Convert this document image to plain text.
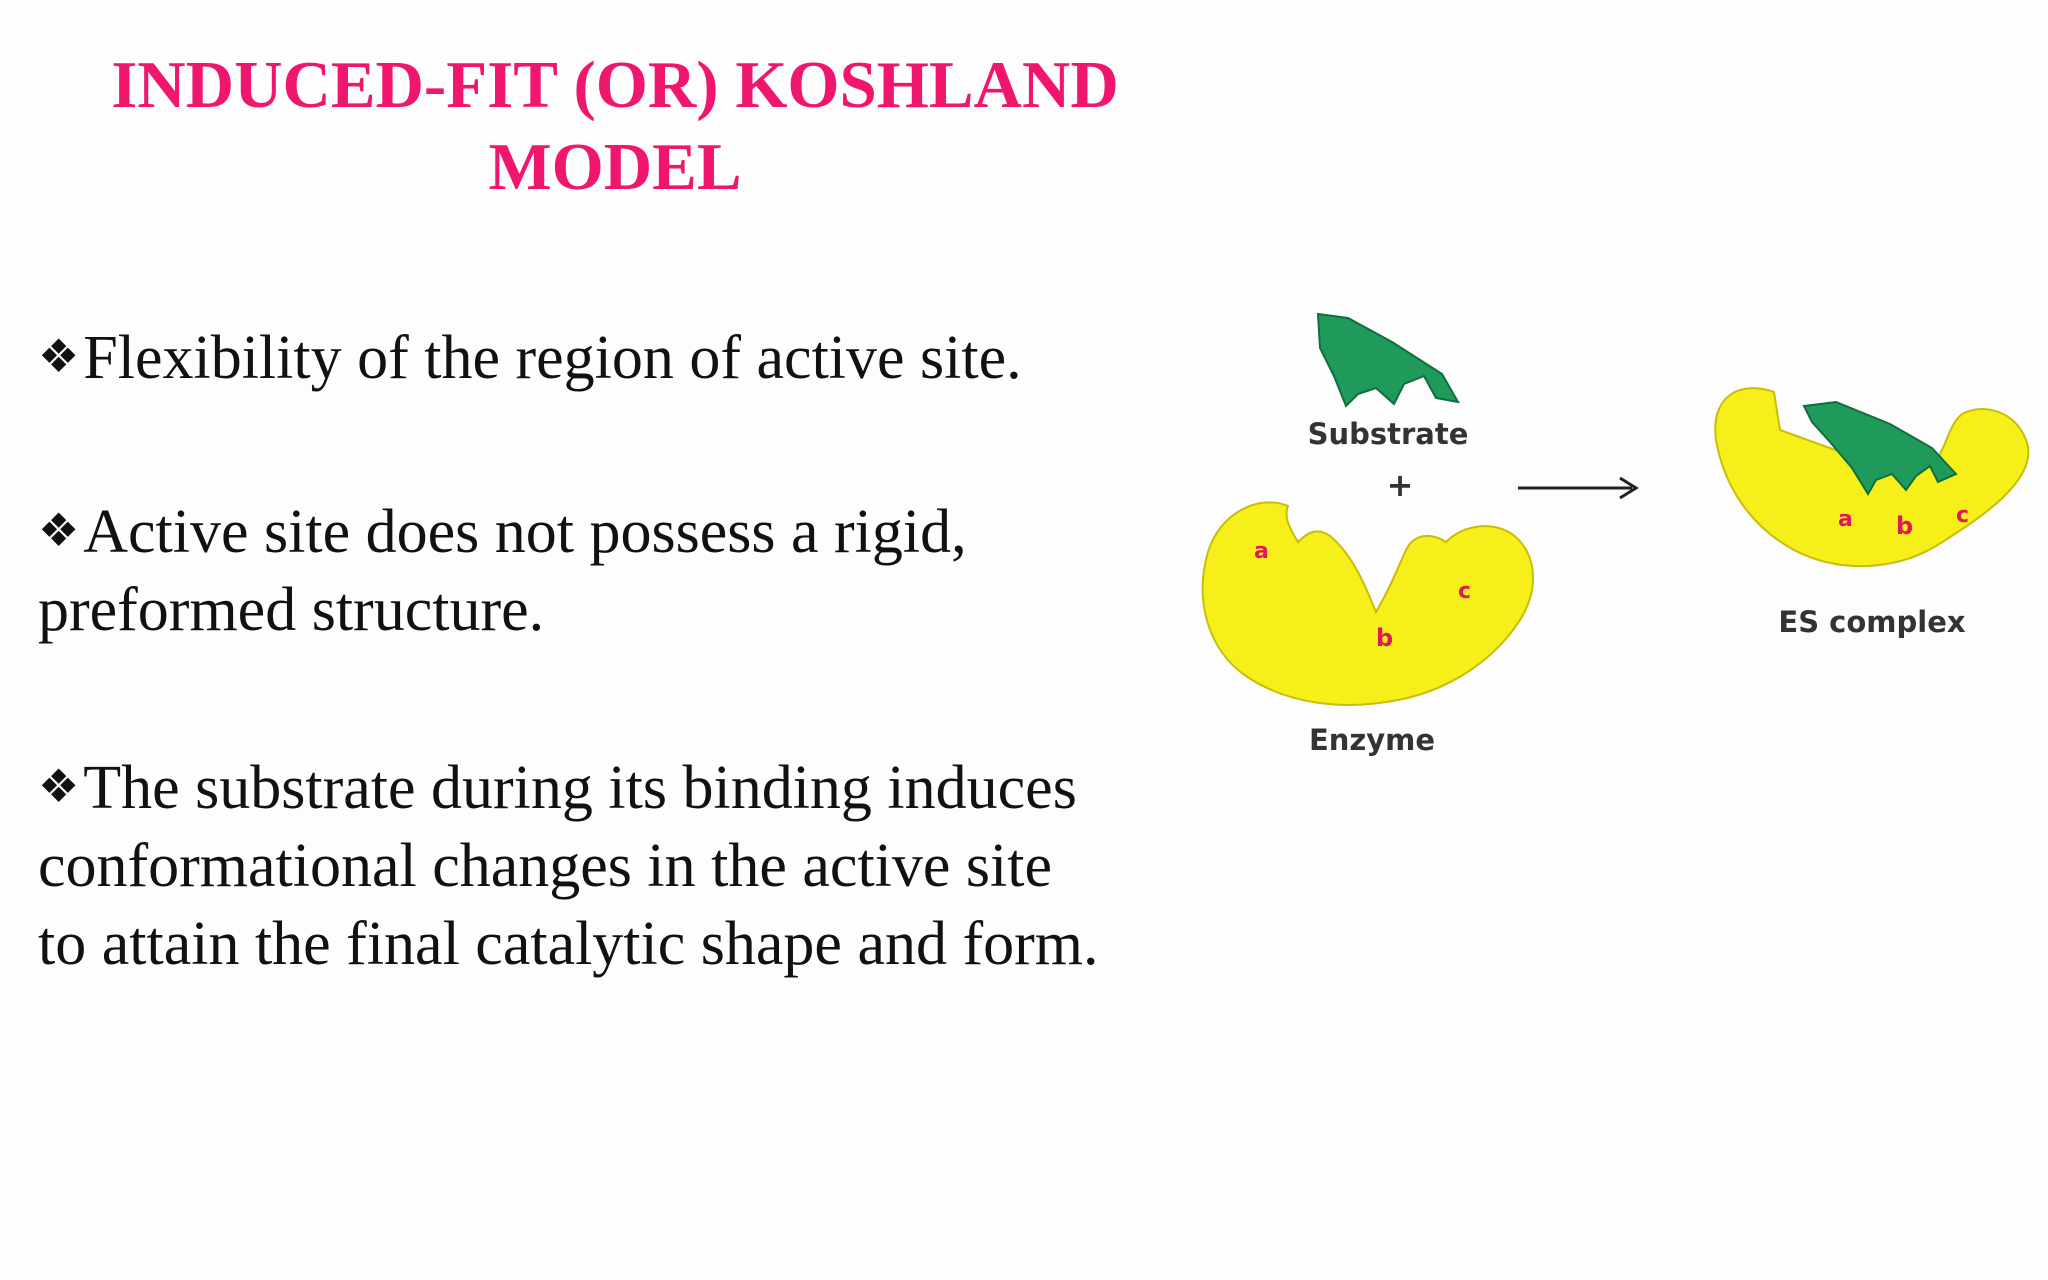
INDUCED-FIT (OR) KOSHLAND
MODEL
❖Flexibility of the region of active site.
❖Active site does not possess a rigid,
preformed structure.
❖The substrate during its binding induces
conformational changes in the active site
to attain the final catalytic shape and form.
Substrate
+
a
b
c
Enzyme
a b c
ES complex
